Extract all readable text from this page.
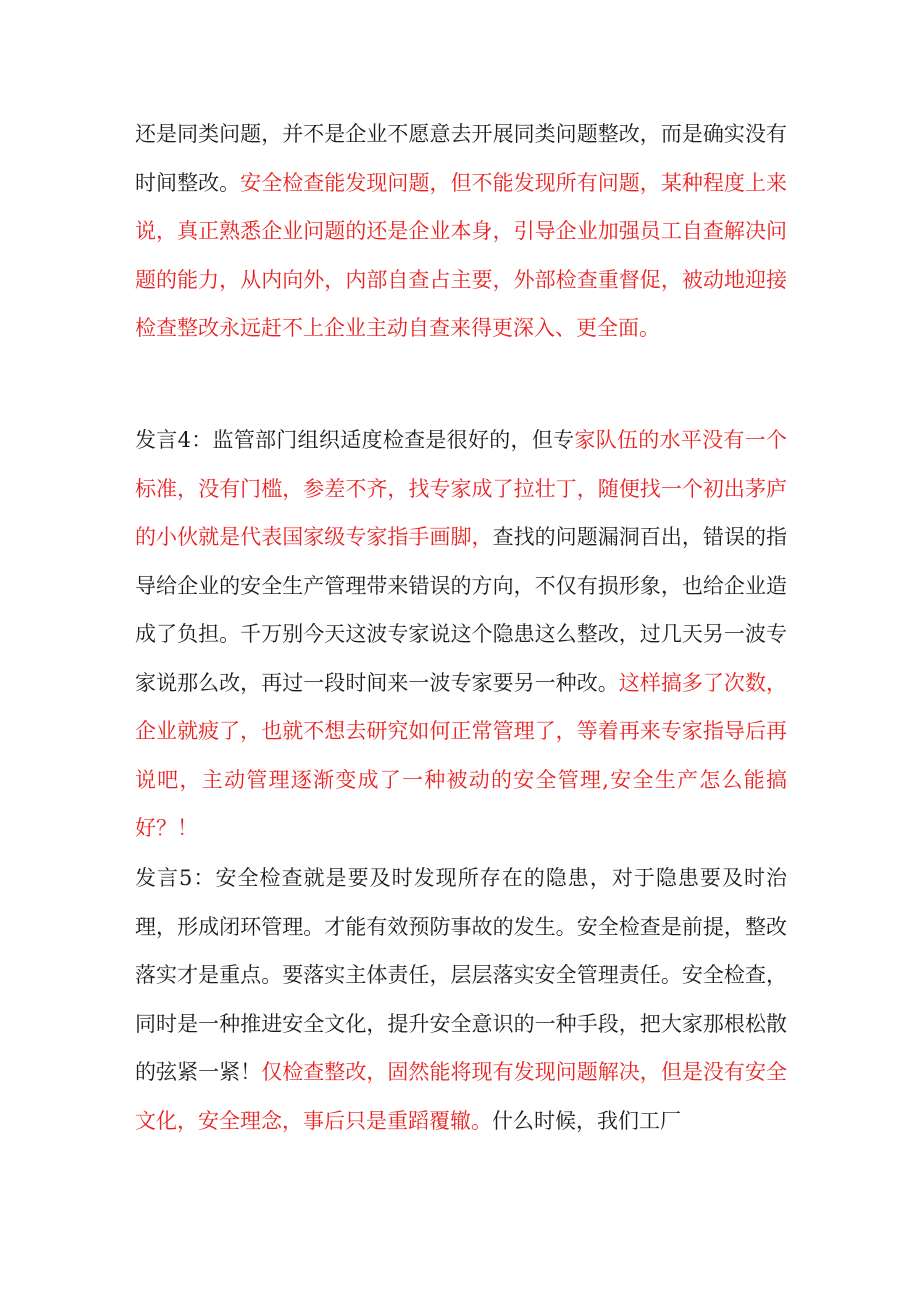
还是同类问题，并不是企业不愿意去开展同类问题整改，而是确实没有时间整改。安全检查能发现问题，但不能发现所有问题，某种程度上来说，真正熟悉企业问题的还是企业本身，引导企业加强员工自查解决问题的能力，从内向外，内部自查占主要，外部检查重督促，被动地迎接检查整改永远赶不上企业主动自查来得更深入、更全面。

发言4：监管部门组织适度检查是很好的，但专家队伍的水平没有一个标准，没有门槛，参差不齐，找专家成了拉壮丁，随便找一个初出茅庐的小伙就是代表国家级专家指手画脚，查找的问题漏洞百出，错误的指导给企业的安全生产管理带来错误的方向，不仅有损形象，也给企业造成了负担。千万别今天这波专家说这个隐患这么整改，过几天另一波专家说那么改，再过一段时间来一波专家要另一种改。这样搞多了次数，企业就疲了，也就不想去研究如何正常管理了，等着再来专家指导后再说吧，主动管理逐渐变成了一种被动的安全管理,安全生产怎么能搞好？！

发言5：安全检查就是要及时发现所存在的隐患，对于隐患要及时治理，形成闭环管理。才能有效预防事故的发生。安全检查是前提，整改落实才是重点。要落实主体责任，层层落实安全管理责任。安全检查，同时是一种推进安全文化，提升安全意识的一种手段，把大家那根松散的弦紧一紧！仅检查整改，固然能将现有发现问题解决，但是没有安全文化，安全理念，事后只是重蹈覆辙。什么时候，我们工厂
